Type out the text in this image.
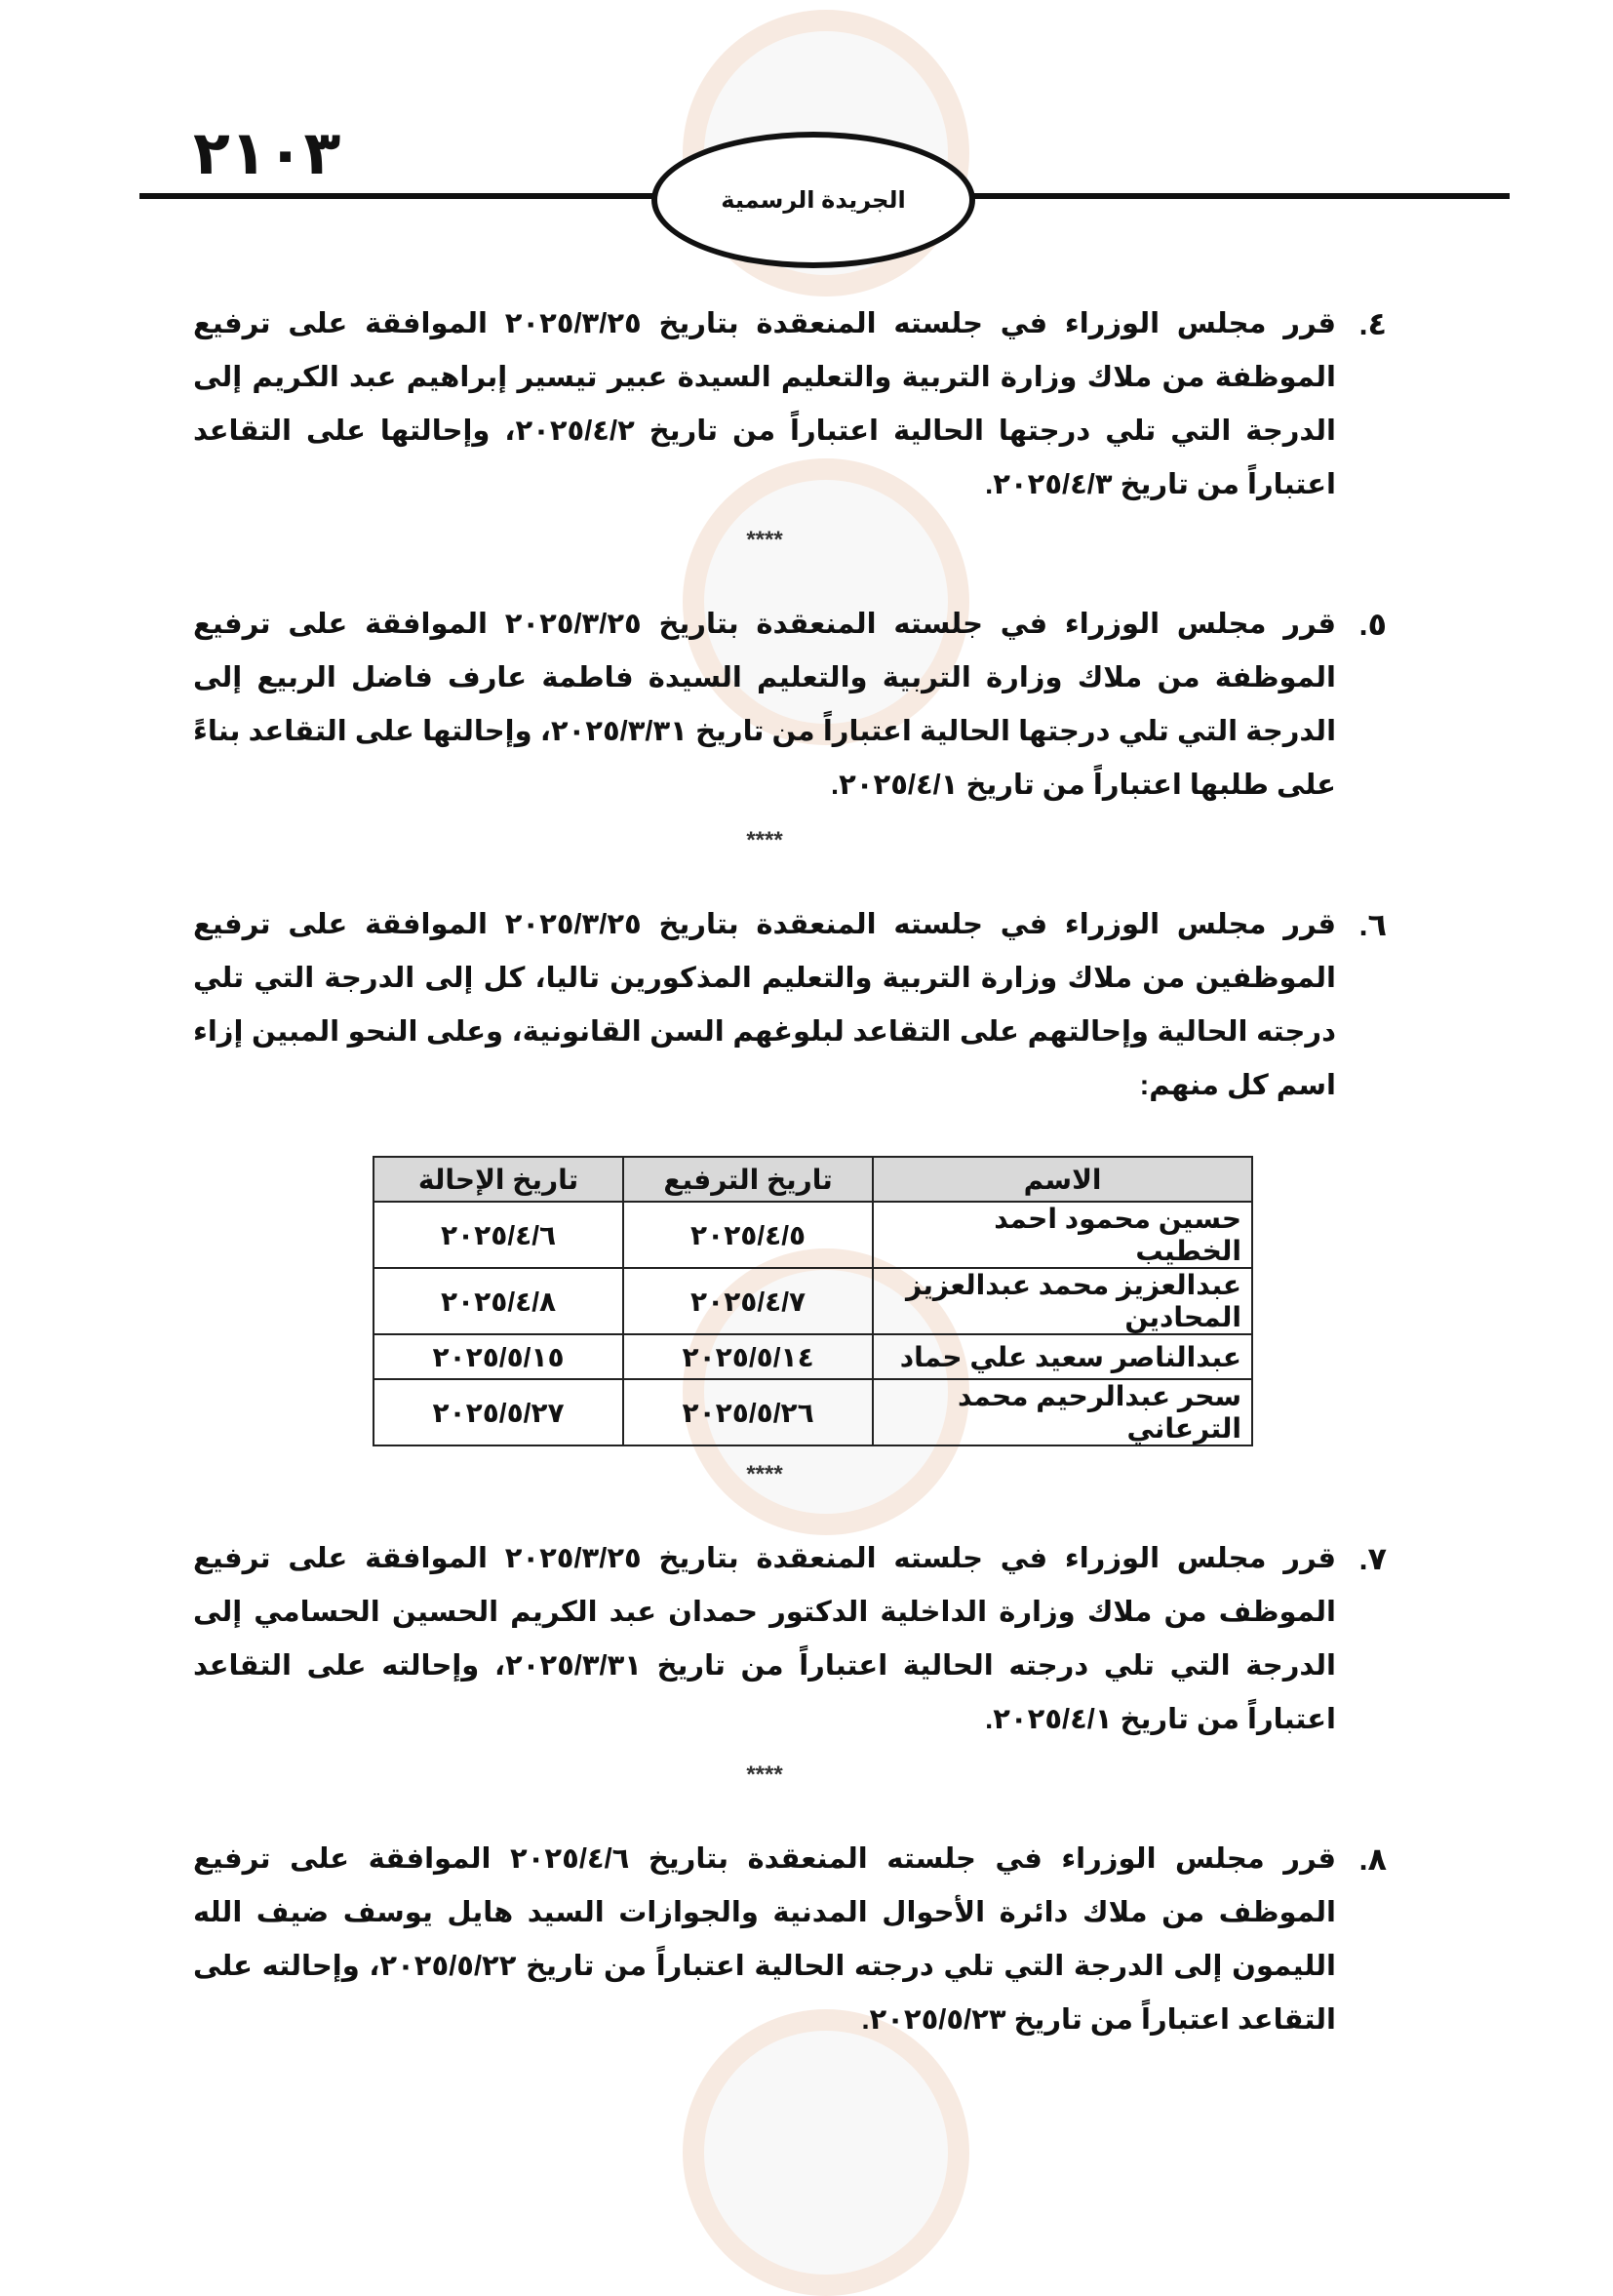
٢١٠٣
الجريدة الرسمية
٤.
قرر مجلس الوزراء في جلسته المنعقدة بتاريخ ٢٠٢٥/٣/٢٥ الموافقة على ترفيع الموظفة من ملاك وزارة التربية والتعليم السيدة عبير تيسير إبراهيم عبد الكريم إلى الدرجة التي تلي درجتها الحالية اعتباراً من تاريخ ٢٠٢٥/٤/٢، وإحالتها على التقاعد اعتباراً من تاريخ ٢٠٢٥/٤/٣.
****
٥.
قرر مجلس الوزراء في جلسته المنعقدة بتاريخ ٢٠٢٥/٣/٢٥ الموافقة على ترفيع الموظفة من ملاك وزارة التربية والتعليم السيدة فاطمة عارف فاضل الربيع إلى الدرجة التي تلي درجتها الحالية اعتباراً من تاريخ ٢٠٢٥/٣/٣١، وإحالتها على التقاعد بناءً على طلبها اعتباراً من تاريخ ٢٠٢٥/٤/١.
****
٦.
قرر مجلس الوزراء في جلسته المنعقدة بتاريخ ٢٠٢٥/٣/٢٥ الموافقة على ترفيع الموظفين من ملاك وزارة التربية والتعليم المذكورين تاليا، كل إلى الدرجة التي تلي درجته الحالية وإحالتهم على التقاعد لبلوغهم السن القانونية، وعلى النحو المبين إزاء اسم كل منهم:
الاسم	تاريخ الترفيع	تاريخ الإحالة
حسين محمود احمد الخطيب	٢٠٢٥/٤/٥	٢٠٢٥/٤/٦
عبدالعزيز محمد عبدالعزيز المحادين	٢٠٢٥/٤/٧	٢٠٢٥/٤/٨
عبدالناصر سعيد علي حماد	٢٠٢٥/٥/١٤	٢٠٢٥/٥/١٥
سحر عبدالرحيم محمد الترعاني	٢٠٢٥/٥/٢٦	٢٠٢٥/٥/٢٧
****
٧.
قرر مجلس الوزراء في جلسته المنعقدة بتاريخ ٢٠٢٥/٣/٢٥ الموافقة على ترفيع الموظف من ملاك وزارة الداخلية الدكتور حمدان عبد الكريم الحسين الحسامي إلى الدرجة التي تلي درجته الحالية اعتباراً من تاريخ ٢٠٢٥/٣/٣١، وإحالته على التقاعد اعتباراً من تاريخ ٢٠٢٥/٤/١.
****
٨.
قرر مجلس الوزراء في جلسته المنعقدة بتاريخ ٢٠٢٥/٤/٦ الموافقة على ترفيع الموظف من ملاك دائرة الأحوال المدنية والجوازات السيد هايل يوسف ضيف الله الليمون إلى الدرجة التي تلي درجته الحالية اعتباراً من تاريخ ٢٠٢٥/٥/٢٢، وإحالته على التقاعد اعتباراً من تاريخ ٢٠٢٥/٥/٢٣.
